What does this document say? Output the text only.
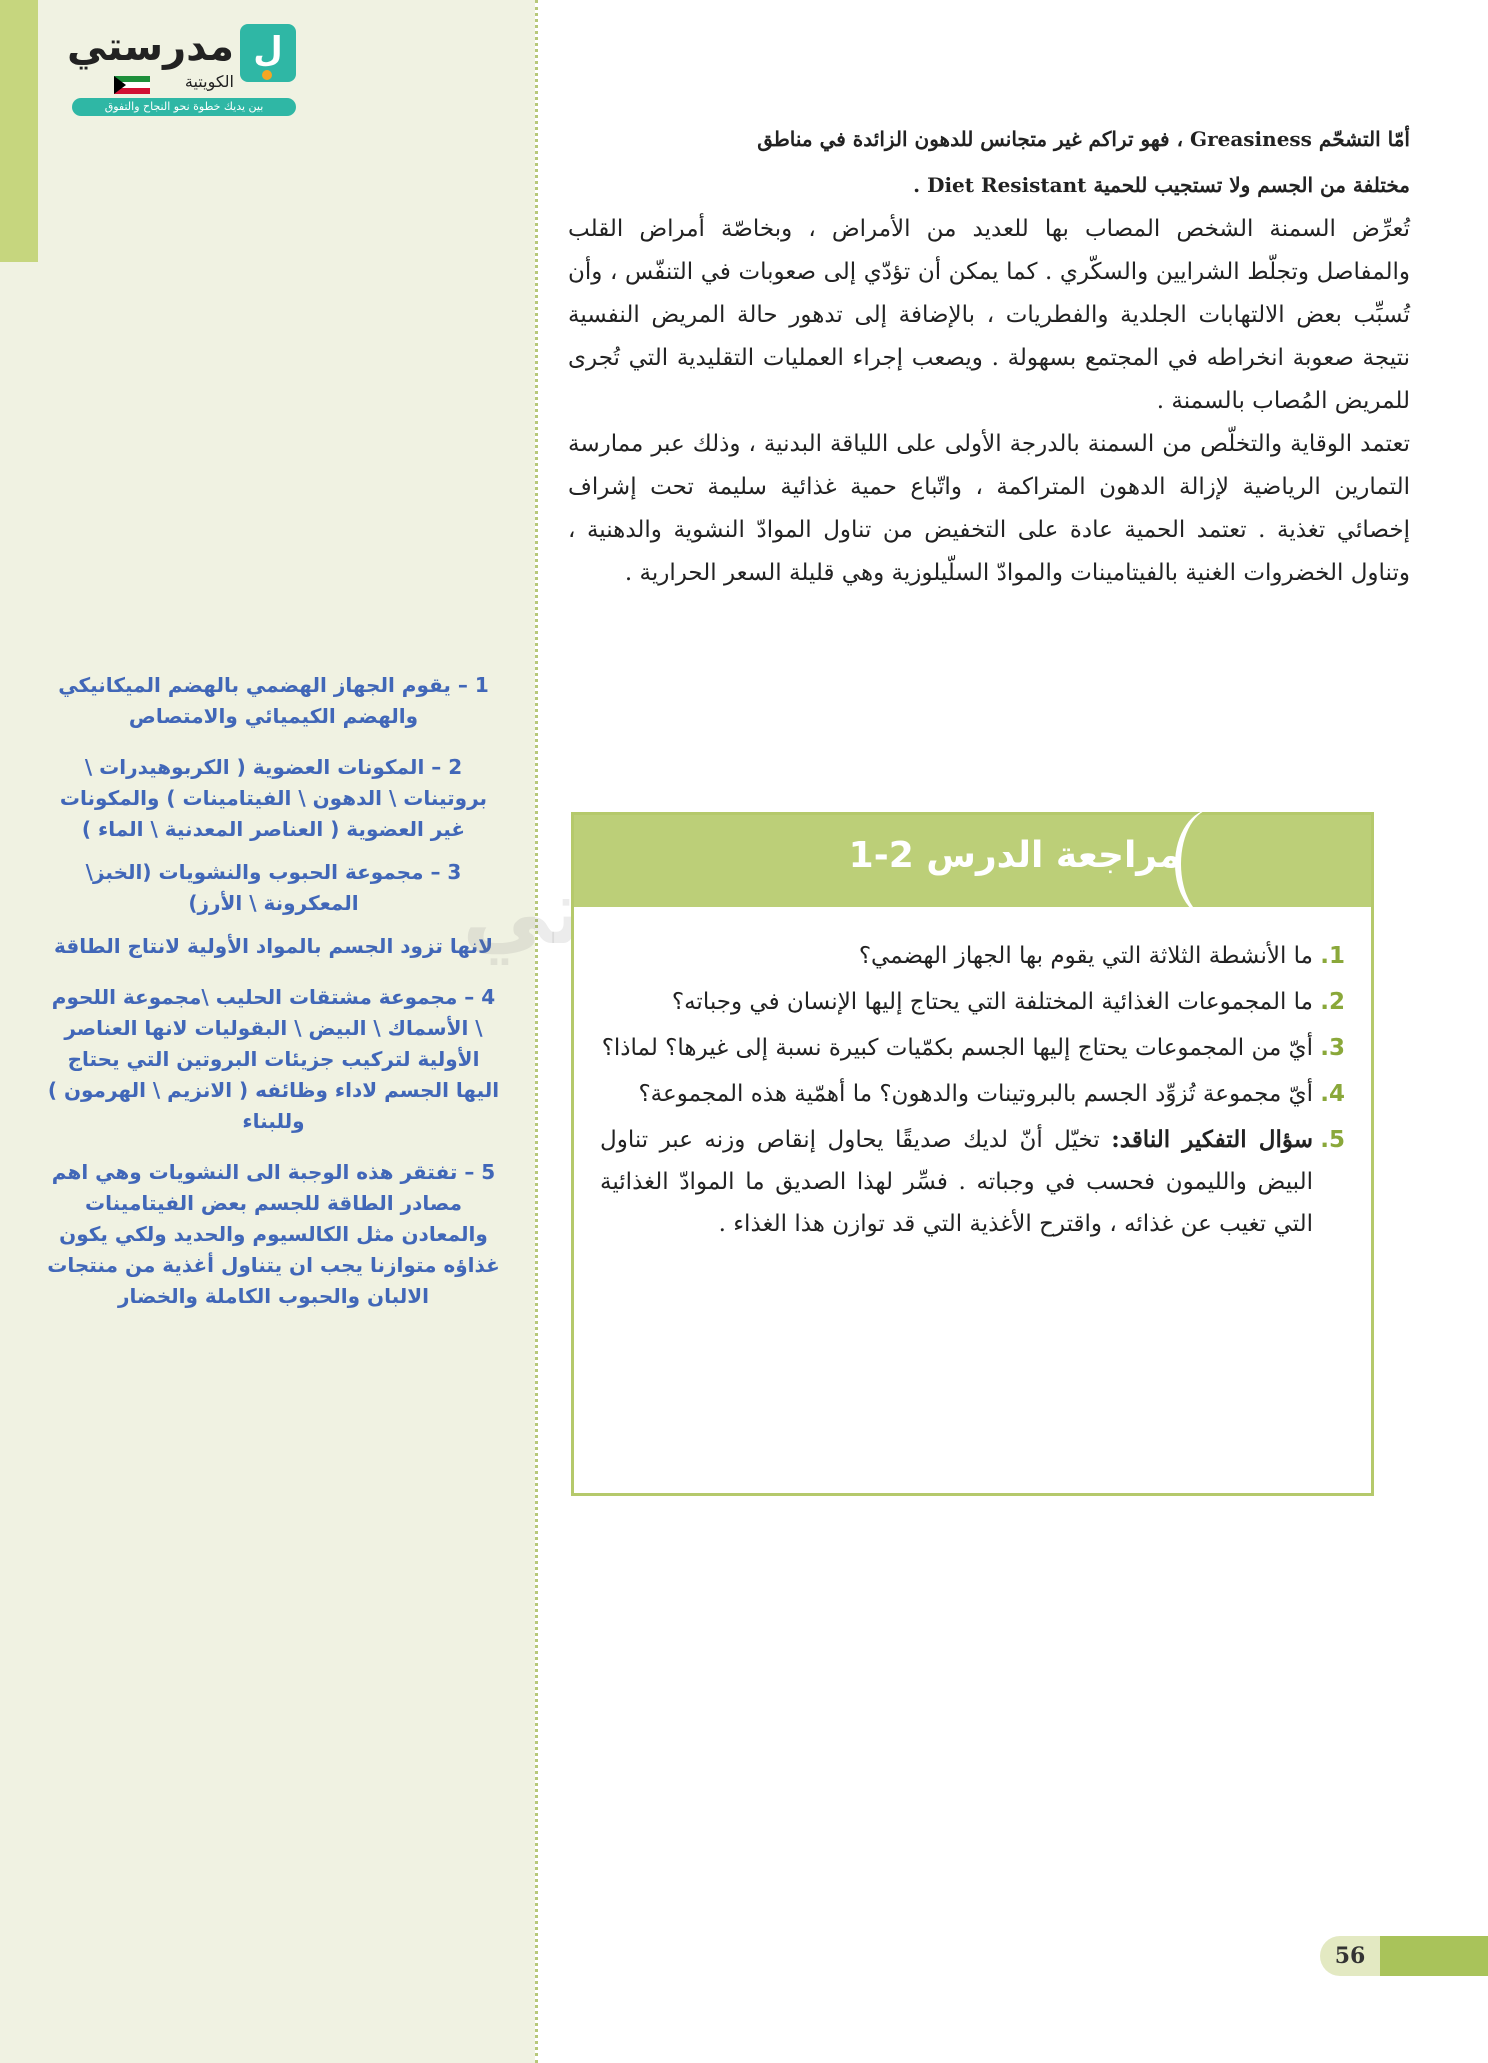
ل
مدرستي
الكويتية
بين يديك خطوة نحو النجاح والتفوق

1 – يقوم الجهاز الهضمي بالهضم الميكانيكي والهضم الكيميائي والامتصاص

2 – المكونات العضوية ( الكربوهيدرات \ بروتينات \ الدهون \ الفيتامينات ) والمكونات غير العضوية ( العناصر المعدنية \ الماء )

3 – مجموعة الحبوب والنشويات (الخبز\ المعكرونة \ الأرز)

لانها تزود الجسم بالمواد الأولية لانتاج الطاقة

4 – مجموعة مشتقات الحليب \مجموعة اللحوم \ الأسماك \ البيض \ البقوليات لانها العناصر الأولية لتركيب جزيئات البروتين التي يحتاج اليها الجسم لاداء وظائفه ( الانزيم \ الهرمون ) وللبناء

5 – تفتقر هذه الوجبة الى النشويات وهي اهم مصادر الطاقة للجسم بعض الفيتامينات والمعادن مثل الكالسيوم والحديد ولكي يكون غذاؤه متوازنا يجب ان يتناول أغذية من منتجات الالبان والحبوب الكاملة والخضار

أمّا التشحّم Greasiness ، فهو تراكم غير متجانس للدهون الزائدة في مناطق

مختلفة من الجسم ولا تستجيب للحمية Diet Resistant .

تُعرِّض السمنة الشخص المصاب بها للعديد من الأمراض ، وبخاصّة أمراض القلب والمفاصل وتجلّط الشرايين والسكّري . كما يمكن أن تؤدّي إلى صعوبات في التنفّس ، وأن تُسبِّب بعض الالتهابات الجلدية والفطريات ، بالإضافة إلى تدهور حالة المريض النفسية نتيجة صعوبة انخراطه في المجتمع بسهولة . ويصعب إجراء العمليات التقليدية التي تُجرى للمريض المُصاب بالسمنة .

تعتمد الوقاية والتخلّص من السمنة بالدرجة الأولى على اللياقة البدنية ، وذلك عبر ممارسة التمارين الرياضية لإزالة الدهون المتراكمة ، واتّباع حمية غذائية سليمة تحت إشراف إخصائي تغذية . تعتمد الحمية عادة على التخفيض من تناول الموادّ النشوية والدهنية ، وتناول الخضروات الغنية بالفيتامينات والموادّ السلّيلوزية وهي قليلة السعر الحرارية .

مراجعة الدرس 2-1

1.
ما الأنشطة الثلاثة التي يقوم بها الجهاز الهضمي؟

2.
ما المجموعات الغذائية المختلفة التي يحتاج إليها الإنسان في وجباته؟

3.
أيّ من المجموعات يحتاج إليها الجسم بكمّيات كبيرة نسبة إلى غيرها؟ لماذا؟

4.
أيّ مجموعة تُزوِّد الجسم بالبروتينات والدهون؟ ما أهمّية هذه المجموعة؟

5.
سؤال التفكير الناقد: تخيّل أنّ لديك صديقًا يحاول إنقاص وزنه عبر تناول البيض والليمون فحسب في وجباته . فسِّر لهذا الصديق ما الموادّ الغذائية التي تغيب عن غذائه ، واقترح الأغذية التي قد توازن هذا الغذاء .

56
